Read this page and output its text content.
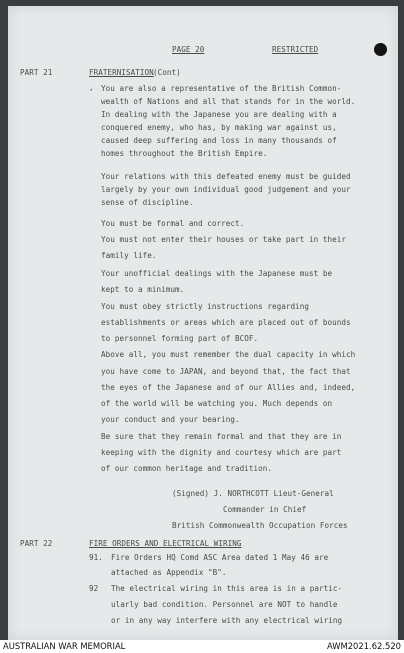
PAGE 20	RESTRICTED
PART 21	FRATERNISATION (Cont)
, You are also a representative of the British Common-
wealth of Nations and all that stands for in the world.
In dealing with the Japanese you are dealing with a
conquered enemy, who has, by making war against us,
caused deep suffering and loss in many thousands of
homes throughout the British Empire.
Your relations with this defeated enemy must be guided
largely by your own individual good judgement and your
sense of discipline.
You must be formal and correct.
You must not enter their houses or take part in their
family life.
Your unofficial dealings with the Japanese must be
kept to a minimum.
You must obey strictly instructions regarding
establishments or areas which are placed out of bounds
to personnel forming part of BCOF.
Above all, you must remember the dual capacity in which
you have come to JAPAN, and beyond that, the fact that
the eyes of the Japanese and of our Allies and, indeed,
of the world will be watching you. Much depends on
your conduct and your bearing.
Be sure that they remain formal and that they are in
keeping with the dignity and courtesy which are part
of our common heritage and tradition.
(Signed) J. NORTHCOTT Lieut-General
Commander in Chief
British Commonwealth Occupation Forces
PART 22	FIRE ORDERS AND ELECTRICAL WIRING
91. Fire Orders HQ Comd ASC Area dated 1 May 46 are
attached as Appendix "B".
92 The electrical wiring in this area is in a partic-
ularly bad condition. Personnel are NOT to handle
or in any way interfere with any electrical wiring
AUSTRALIAN WAR MEMORIAL	AWM2021.62.520
